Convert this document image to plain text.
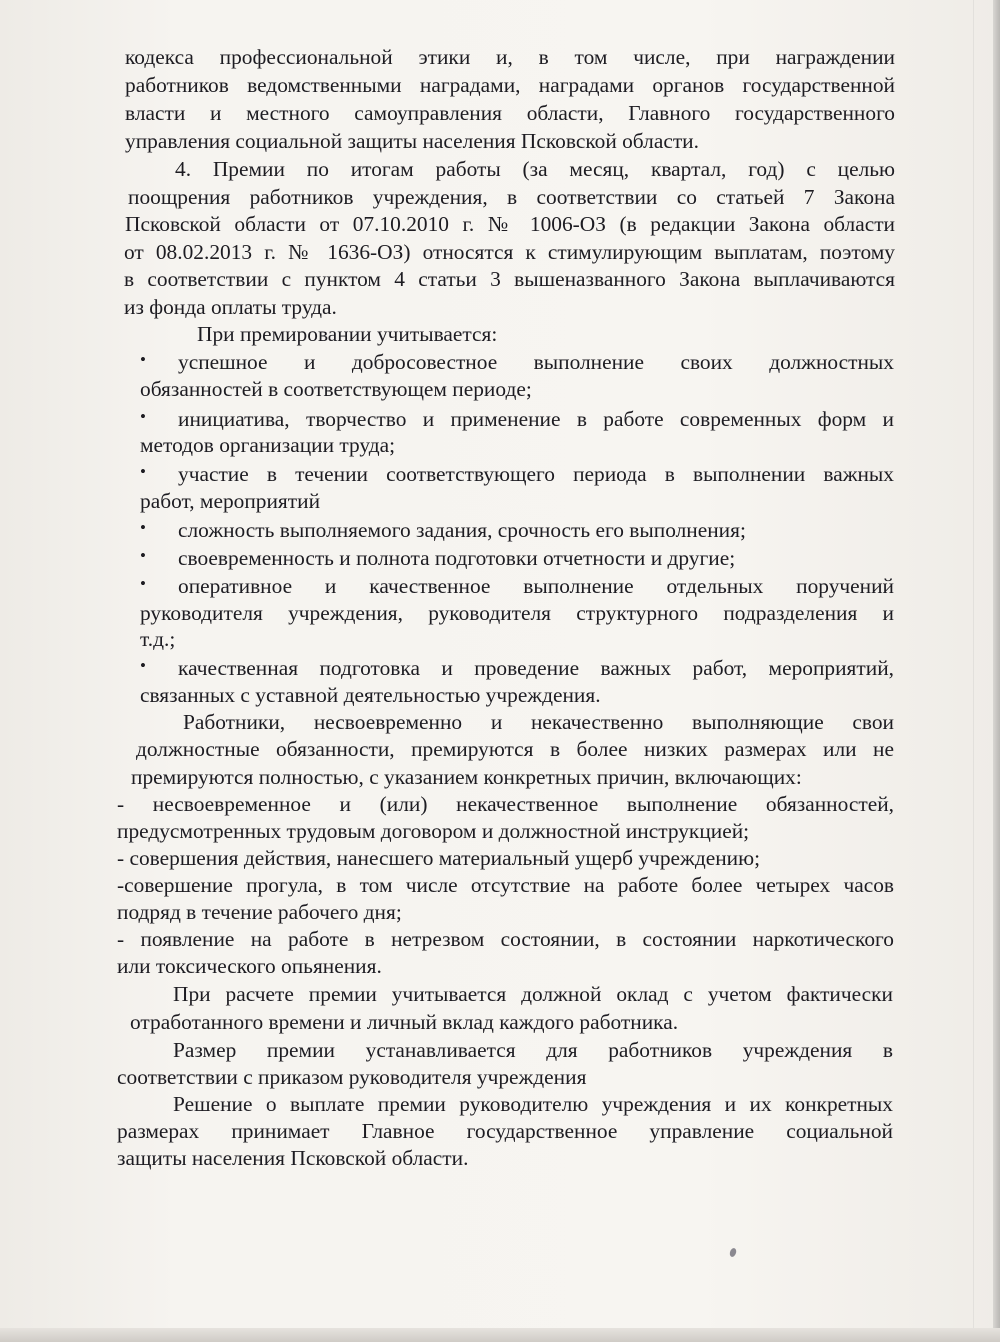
кодекса профессиональной этики и, в том числе, при награждении
работников ведомственными наградами, наградами органов государственной
власти и местного самоуправления области, Главного государственного
управления социальной защиты населения Псковской области.
4. Премии по итогам работы (за месяц, квартал, год) с целью
поощрения работников учреждения, в соответствии со статьей 7 Закона
Псковской области от 07.10.2010 г. № 1006-ОЗ (в редакции Закона области
от 08.02.2013 г. № 1636-ОЗ) относятся к стимулирующим выплатам, поэтому
в соответствии с пунктом 4 статьи 3 вышеназванного Закона выплачиваются
из фонда оплаты труда.
При премировании учитывается:
• успешное и добросовестное выполнение своих должностных
обязанностей в соответствующем периоде;
• инициатива, творчество и применение в работе современных форм и
методов организации труда;
• участие в течении соответствующего периода в выполнении важных
работ, мероприятий
• сложность выполняемого задания, срочность его выполнения;
• своевременность и полнота подготовки отчетности и другие;
• оперативное и качественное выполнение отдельных поручений
руководителя учреждения, руководителя структурного подразделения и
т.д.;
• качественная подготовка и проведение важных работ, мероприятий,
связанных с уставной деятельностью учреждения.
Работники, несвоевременно и некачественно выполняющие свои
должностные обязанности, премируются в более низких размерах или не
премируются полностью, с указанием конкретных причин, включающих:
- несвоевременное и (или) некачественное выполнение обязанностей,
предусмотренных трудовым договором и должностной инструкцией;
- совершения действия, нанесшего материальный ущерб учреждению;
-совершение прогула, в том числе отсутствие на работе более четырех часов
подряд в течение рабочего дня;
- появление на работе в нетрезвом состоянии, в состоянии наркотического
или токсического опьянения.
При расчете премии учитывается должной оклад с учетом фактически
отработанного времени и личный вклад каждого работника.
Размер премии устанавливается для работников учреждения в
соответствии с приказом руководителя учреждения
Решение о выплате премии руководителю учреждения и их конкретных
размерах принимает Главное государственное управление социальной
защиты населения Псковской области.
